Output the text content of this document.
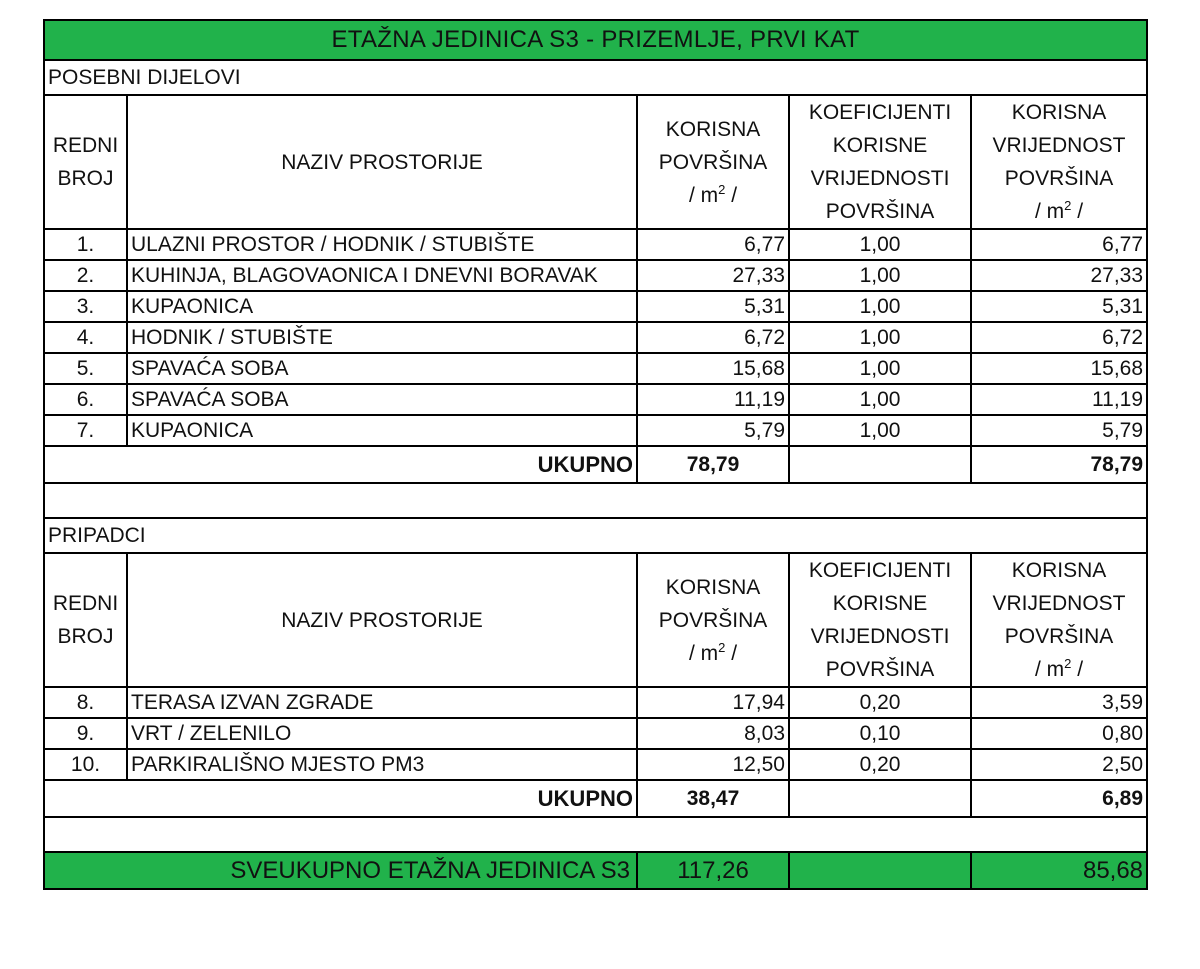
ETAŽNA JEDINICA S3 - PRIZEMLJE, PRVI KAT				
POSEBNI DIJELOVI				
REDNI
BROJ	NAZIV PROSTORIJE	KORISNA
POVRŠINA
/ $m^2$ /	KOEFICIJENTI
KORISNE
VRIJEDNOSTI
POVRŠINA	KORISNA
VRIJEDNOST
POVRŠINA
/ $m^2$ /
1.	ULAZNI PROSTOR / HODNIK / STUBIŠTE	6,77	1,00	6,77
2.	KUHINJA, BLAGOVAONICA I DNEVNI BORAVAK	27,33	1,00	27,33
3.	KUPAONICA	5,31	1,00	5,31
4.	HODNIK / STUBIŠTE	6,72	1,00	6,72
5.	SPAVAĆA SOBA	15,68	1,00	15,68
6.	SPAVAĆA SOBA	11,19	1,00	11,19
7.	KUPAONICA	5,79	1,00	5,79
UKUPNO		78,79		78,79

PRIPADCI				
REDNI
BROJ	NAZIV PROSTORIJE	KORISNA
POVRŠINA
/ $m^2$ /	KOEFICIJENTI
KORISNE
VRIJEDNOSTI
POVRŠINA	KORISNA
VRIJEDNOST
POVRŠINA
/ $m^2$ /
8.	TERASA IZVAN ZGRADE	17,94	0,20	3,59
9.	VRT / ZELENILO	8,03	0,10	0,80
10.	PARKIRALIŠNO MJESTO PM3	12,50	0,20	2,50
UKUPNO		38,47		6,89

SVEUKUPNO ETAŽNA JEDINICA S3		117,26		85,68
